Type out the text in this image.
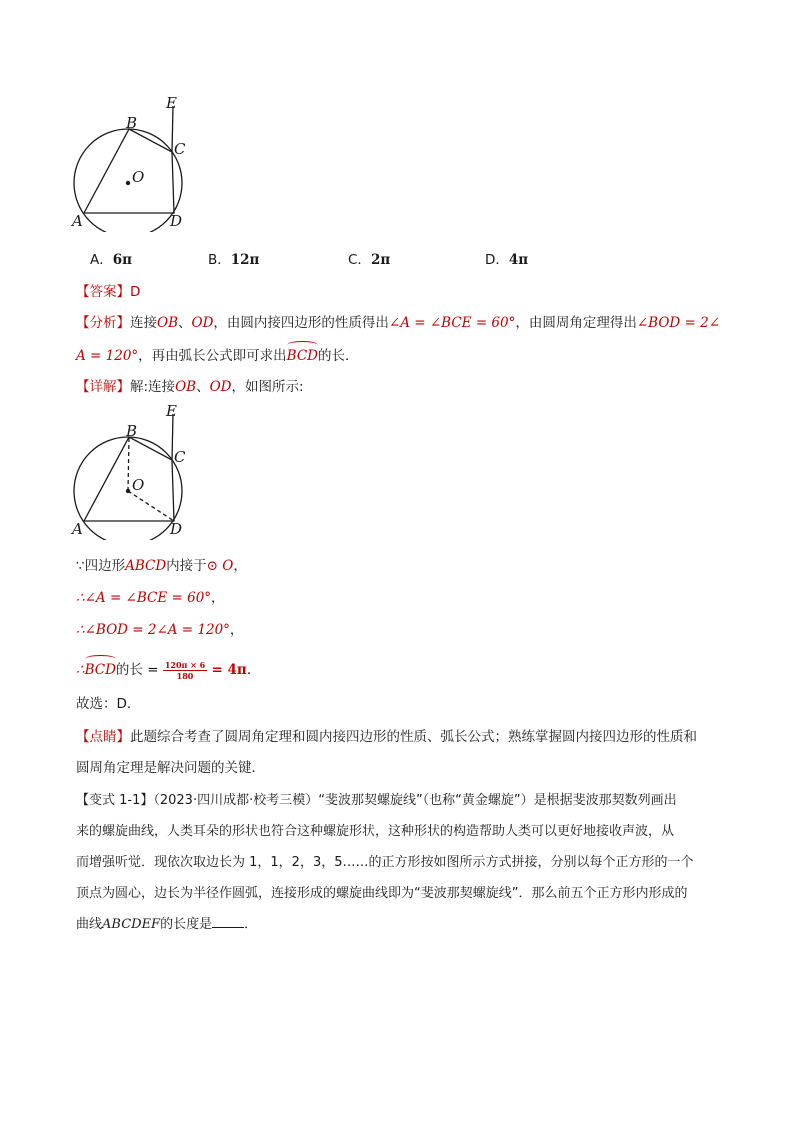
E
B
C
O
A	D
A．6π	B．12π	C．2π	D．4π
【答案】D
【分析】连接OB、OD，由圆内接四边形的性质得出∠A = ∠BCE = 60°，由圆周角定理得出∠BOD = 2∠
A = 120°，再由弧长公式即可求出BCD的长．
【详解】解:连接OB、OD，如图所示:
E
B
C
O
A	D
∵四边形ABCD内接于⊙ O，
∴∠A = ∠BCE = 60°，
∴∠BOD = 2∠A = 120°，
∴BCD的长 = $\frac{120\pi \times 6}{180} = 4\pi$．
故选：D．
【点睛】此题综合考查了圆周角定理和圆内接四边形的性质、弧长公式；熟练掌握圆内接四边形的性质和
圆周角定理是解决问题的关键．
【变式 1-1】（2023·四川成都·校考三模）“斐波那契螺旋线”（也称“黄金螺旋”）是根据斐波那契数列画出
来的螺旋曲线，人类耳朵的形状也符合这种螺旋形状，这种形状的构造帮助人类可以更好地接收声波，从
而增强听觉．现依次取边长为 1，1，2，3，5……的正方形按如图所示方式拼接，分别以每个正方形的一个
顶点为圆心，边长为半径作圆弧，连接形成的螺旋曲线即为“斐波那契螺旋线”．那么前五个正方形内形成的
曲线ABCDEF的长度是 ．
